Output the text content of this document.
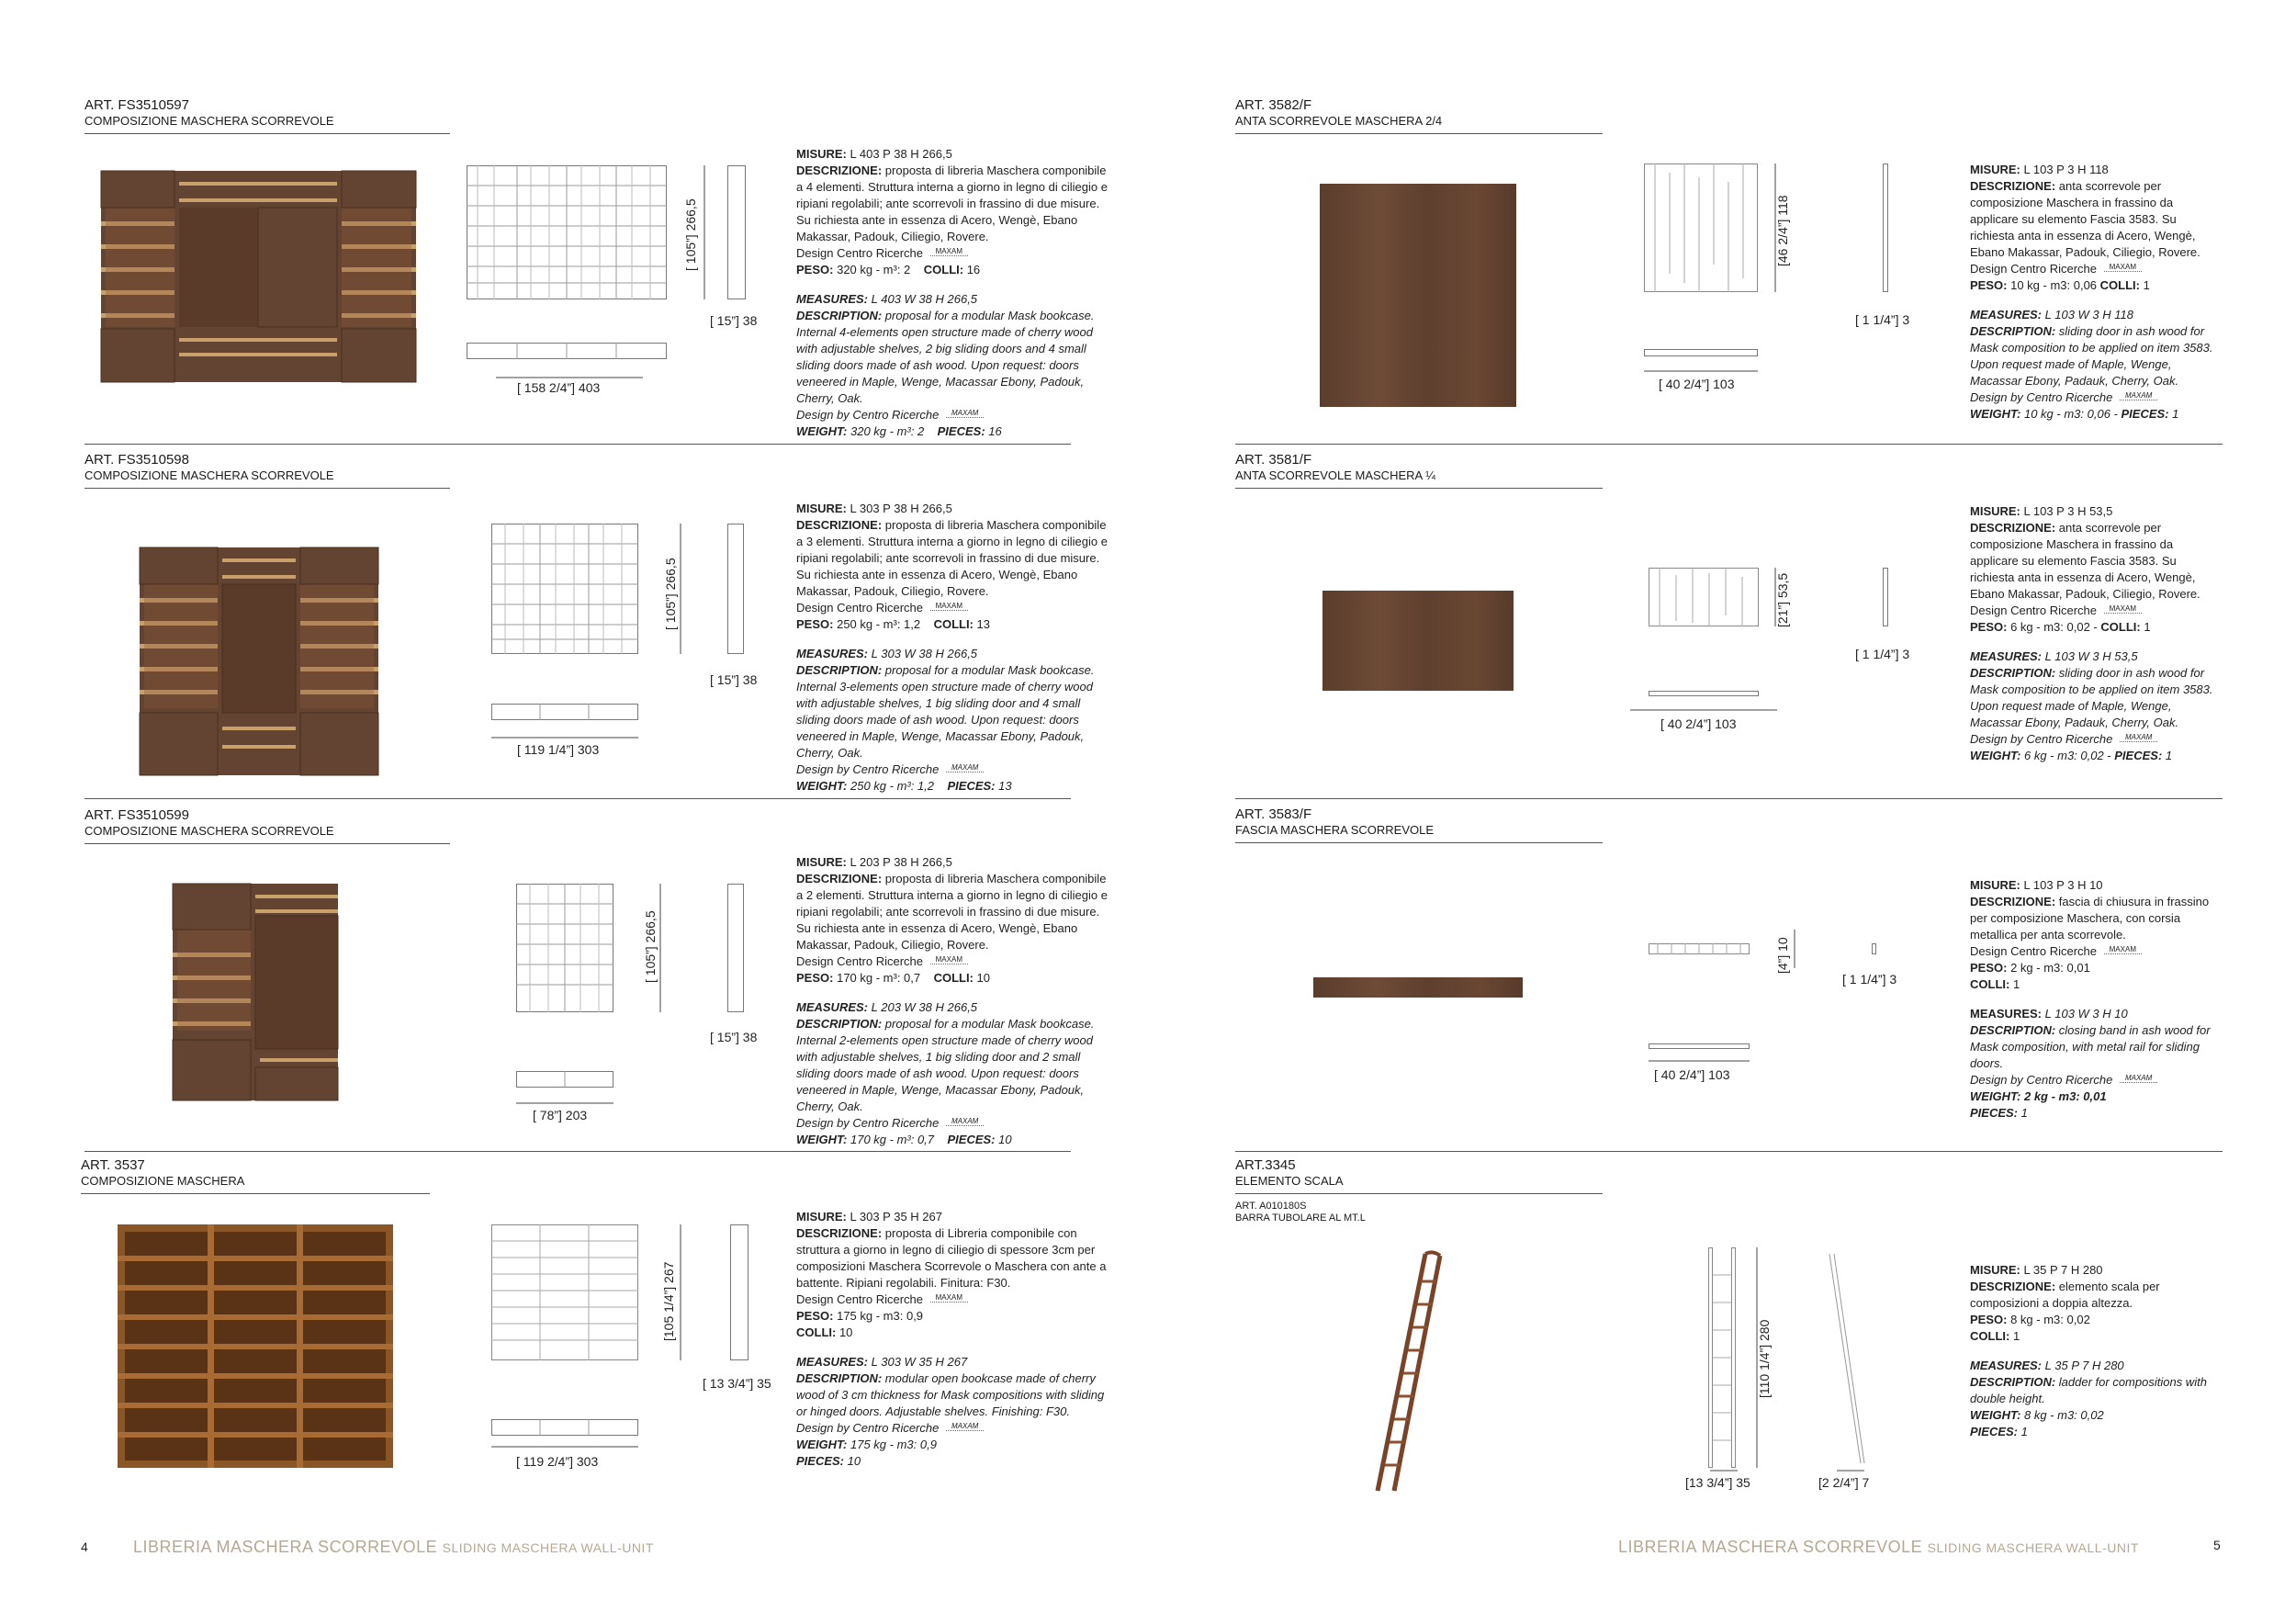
ART. FS3510597
COMPOSIZIONE MASCHERA SCORREVOLE
[ 158 2/4”] 403
[ 105”] 266,5
[ 15”] 38
MISURE: L 403 P 38 H 266,5
DESCRIZIONE: proposta di libreria Maschera componibile a 4 elementi. Struttura interna a giorno in legno di ciliegio e ripiani regolabili; ante scorrevoli in frassino di due misure. Su richiesta ante in essenza di Acero, Wengè, Ebano Makassar, Padouk, Ciliegio, Rovere.
Design Centro Ricerche MAXAM
PESO: 320 kg - m³: 2 COLLI: 16
MEASURES: L 403 W 38 H 266,5
DESCRIPTION: proposal for a modular Mask bookcase. Internal 4-elements open structure made of cherry wood with adjustable shelves, 2 big sliding doors and 4 small sliding doors made of ash wood. Upon request: doors veneered in Maple, Wenge, Macassar Ebony, Padouk, Cherry, Oak.
Design by Centro Ricerche MAXAM
WEIGHT: 320 kg - m³: 2 PIECES: 16
ART. FS3510598
COMPOSIZIONE MASCHERA SCORREVOLE
[ 119 1/4”] 303
[ 105”] 266,5
[ 15”] 38
MISURE: L 303 P 38 H 266,5
DESCRIZIONE: proposta di libreria Maschera componibile a 3 elementi. Struttura interna a giorno in legno di ciliegio e ripiani regolabili; ante scorrevoli in frassino di due misure. Su richiesta ante in essenza di Acero, Wengè, Ebano Makassar, Padouk, Ciliegio, Rovere.
Design Centro Ricerche MAXAM
PESO: 250 kg - m³: 1,2 COLLI: 13
MEASURES: L 303 W 38 H 266,5
DESCRIPTION: proposal for a modular Mask bookcase. Internal 3-elements open structure made of cherry wood with adjustable shelves, 1 big sliding door and 4 small sliding doors made of ash wood. Upon request: doors veneered in Maple, Wenge, Macassar Ebony, Padouk, Cherry, Oak.
Design by Centro Ricerche MAXAM
WEIGHT: 250 kg - m³: 1,2 PIECES: 13
ART. FS3510599
COMPOSIZIONE MASCHERA SCORREVOLE
[ 78”] 203
[ 105”] 266,5
[ 15”] 38
MISURE: L 203 P 38 H 266,5
DESCRIZIONE: proposta di libreria Maschera componibile a 2 elementi. Struttura interna a giorno in legno di ciliegio e ripiani regolabili; ante scorrevoli in frassino di due misure. Su richiesta ante in essenza di Acero, Wengè, Ebano Makassar, Padouk, Ciliegio, Rovere.
Design Centro Ricerche MAXAM
PESO: 170 kg - m³: 0,7 COLLI: 10
MEASURES: L 203 W 38 H 266,5
DESCRIPTION: proposal for a modular Mask bookcase. Internal 2-elements open structure made of cherry wood with adjustable shelves, 1 big sliding door and 2 small sliding doors made of ash wood. Upon request: doors veneered in Maple, Wenge, Macassar Ebony, Padouk, Cherry, Oak.
Design by Centro Ricerche MAXAM
WEIGHT: 170 kg - m³: 0,7 PIECES: 10
ART. 3537
COMPOSIZIONE MASCHERA
[ 119 2/4”] 303
[105 1/4”] 267
[ 13 3/4”] 35
MISURE: L 303 P 35 H 267
DESCRIZIONE: proposta di Libreria componibile con struttura a giorno in legno di ciliegio di spessore 3cm per composizioni Maschera Scorrevole o Maschera con ante a battente. Ripiani regolabili. Finitura: F30.
Design Centro Ricerche MAXAM
PESO: 175 kg - m3: 0,9
COLLI: 10
MEASURES: L 303 W 35 H 267
DESCRIPTION: modular open bookcase made of cherry wood of 3 cm thickness for Mask compositions with sliding or hinged doors. Adjustable shelves. Finishing: F30.
Design by Centro Ricerche MAXAM
WEIGHT: 175 kg - m3: 0,9
PIECES: 10
4	LIBRERIA MASCHERA SCORREVOLE SLIDING MASCHERA WALL-UNIT
ART. 3582/F
ANTA SCORREVOLE MASCHERA 2/4
[ 40 2/4”] 103
[46 2/4”] 118
[ 1 1/4”] 3
MISURE: L 103 P 3 H 118
DESCRIZIONE: anta scorrevole per composizione Maschera in frassino da applicare su elemento Fascia 3583. Su richiesta anta in essenza di Acero, Wengè, Ebano Makassar, Padouk, Ciliegio, Rovere.
Design Centro Ricerche MAXAM
PESO: 10 kg - m3: 0,06 COLLI: 1
MEASURES: L 103 W 3 H 118
DESCRIPTION: sliding door in ash wood for Mask composition to be applied on item 3583. Upon request made of Maple, Wenge, Macassar Ebony, Padauk, Cherry, Oak.
Design by Centro Ricerche MAXAM
WEIGHT: 10 kg - m3: 0,06 - PIECES: 1
ART. 3581/F
ANTA SCORREVOLE MASCHERA ¼
[ 40 2/4”] 103
[21”] 53,5
[ 1 1/4”] 3
MISURE: L 103 P 3 H 53,5
DESCRIZIONE: anta scorrevole per composizione Maschera in frassino da applicare su elemento Fascia 3583. Su richiesta anta in essenza di Acero, Wengè, Ebano Makassar, Padouk, Ciliegio, Rovere.
Design Centro Ricerche MAXAM
PESO: 6 kg - m3: 0,02 - COLLI: 1
MEASURES: L 103 W 3 H 53,5
DESCRIPTION: sliding door in ash wood for Mask composition to be applied on item 3583. Upon request made of Maple, Wenge, Macassar Ebony, Padauk, Cherry, Oak.
Design by Centro Ricerche MAXAM
WEIGHT: 6 kg - m3: 0,02 - PIECES: 1
ART. 3583/F
FASCIA MASCHERA SCORREVOLE
[ 40 2/4”] 103
[4”] 10
[ 1 1/4”] 3
MISURE: L 103 P 3 H 10
DESCRIZIONE: fascia di chiusura in frassino per composizione Maschera, con corsia metallica per anta scorrevole.
Design Centro Ricerche MAXAM
PESO: 2 kg - m3: 0,01
COLLI: 1
MEASURES: L 103 W 3 H 10
DESCRIPTION: closing band in ash wood for Mask composition, with metal rail for sliding doors.
Design by Centro Ricerche MAXAM
WEIGHT: 2 kg - m3: 0,01
PIECES: 1
ART.3345
ELEMENTO SCALA
ART. A010180S
BARRA TUBOLARE AL MT.L
[110 1/4”] 280
[13 3/4”] 35	[2 2/4”] 7
MISURE: L 35 P 7 H 280
DESCRIZIONE: elemento scala per composizioni a doppia altezza.
PESO: 8 kg - m3: 0,02
COLLI: 1
MEASURES: L 35 P 7 H 280
DESCRIPTION: ladder for compositions with double height.
WEIGHT: 8 kg - m3: 0,02
PIECES: 1
LIBRERIA MASCHERA SCORREVOLE SLIDING MASCHERA WALL-UNIT	5
